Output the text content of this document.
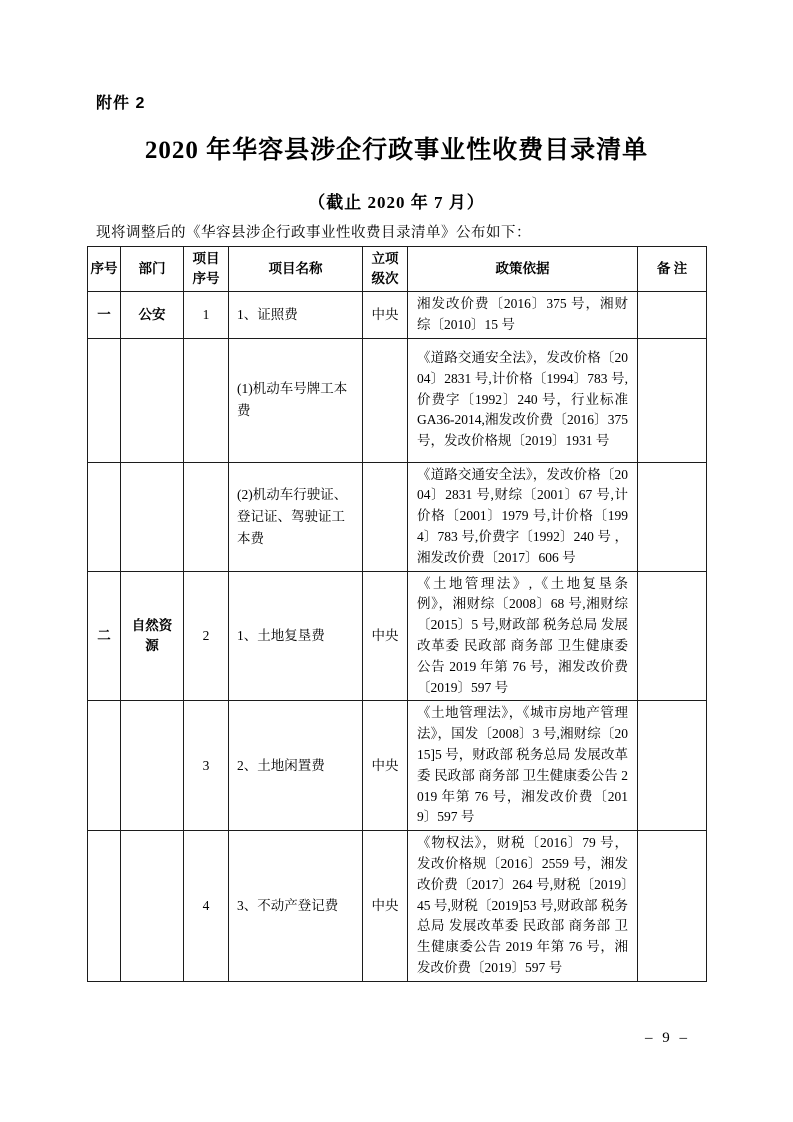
附件 2
2020 年华容县涉企行政事业性收费目录清单
（截止 2020 年 7 月）
现将调整后的《华容县涉企行政事业性收费目录清单》公布如下：
序号	部门	项目序号	项目名称	立项级次	政策依据	备 注
一	公安	1	1、证照费	中央	湘发改价费〔2016〕375 号，湘财综〔2010〕15 号	
			(1)机动车号牌工本费		《道路交通安全法》，发改价格〔2004〕2831 号,计价格〔1994〕783 号,价费字〔1992〕240 号，行业标准 GA36-2014,湘发改价费〔2016〕375 号，发改价格规〔2019〕1931 号	
			(2)机动车行驶证、登记证、驾驶证工本费		《道路交通安全法》，发改价格〔2004〕2831 号,财综〔2001〕67 号,计价格〔2001〕1979 号,计价格〔1994〕783 号,价费字〔1992〕240 号 ，湘发改价费〔2017〕606 号	
二	自然资源	2	1、土地复垦费	中央	《土地管理法》,《土地复垦条例》，湘财综〔2008〕68 号,湘财综〔2015〕5 号,财政部 税务总局 发展改革委 民政部 商务部 卫生健康委公告 2019 年第 76 号，湘发改价费〔2019〕597 号	
		3	2、土地闲置费	中央	《土地管理法》，《城市房地产管理法》，国发〔2008〕3 号,湘财综〔2015]5 号，财政部 税务总局 发展改革委 民政部 商务部 卫生健康委公告 2019 年第 76 号，湘发改价费〔2019〕597 号	
		4	3、不动产登记费	中央	《物权法》，财税〔2016〕79 号，发改价格规〔2016〕2559 号，湘发改价费〔2017〕264 号,财税〔2019〕45 号,财税〔2019]53 号,财政部 税务总局 发展改革委 民政部 商务部 卫生健康委公告 2019 年第 76 号，湘发改价费〔2019〕597 号	
– 9 –
